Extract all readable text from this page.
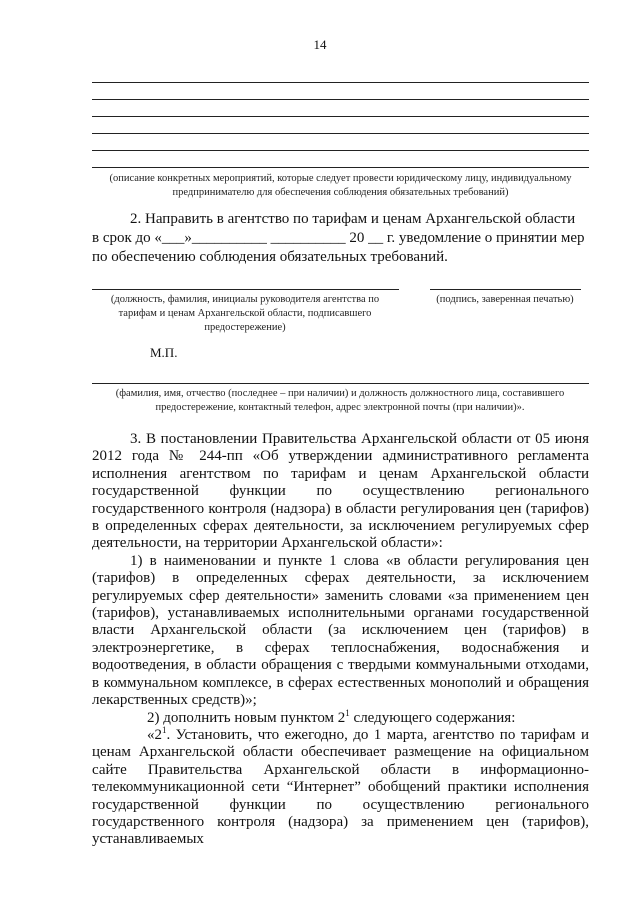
14
(описание конкретных мероприятий, которые следует провести юридическому лицу, индивидуальному предпринимателю для обеспечения соблюдения обязательных требований)
2. Направить в агентство по тарифам и ценам Архангельской области
в срок до «___»__________ __________ 20 __ г. уведомление о принятии мер
по обеспечению соблюдения обязательных требований.
(должность, фамилия, инициалы руководителя агентства по тарифам и ценам Архангельской области, подписавшего предостережение)
(подпись, заверенная печатью)
М.П.
(фамилия, имя, отчество (последнее – при наличии) и должность должностного лица, составившего предостережение, контактный телефон, адрес электронной почты (при наличии)».

3. В постановлении Правительства Архангельской области от 05 июня 2012 года № 244-пп «Об утверждении административного регламента исполнения агентством по тарифам и ценам Архангельской области государственной функции по осуществлению регионального государственного контроля (надзора) в области регулирования цен (тарифов) в определенных сферах деятельности, за исключением регулируемых сфер деятельности, на территории Архангельской области»:

1) в наименовании и пункте 1 слова «в области регулирования цен (тарифов) в определенных сферах деятельности, за исключением регулируемых сфер деятельности» заменить словами «за применением цен (тарифов), устанавливаемых исполнительными органами государственной власти Архангельской области (за исключением цен (тарифов) в электроэнергетике, в сферах теплоснабжения, водоснабжения и водоотведения, в области обращения с твердыми коммунальными отходами, в коммунальном комплексе, в сферах естественных монополий и обращения лекарственных средств)»;

2) дополнить новым пунктом $2^1$ следующего содержания:

«$2^1$. Установить, что ежегодно, до 1 марта, агентство по тарифам и ценам Архангельской области обеспечивает размещение на официальном сайте Правительства Архангельской области в информационно-телекоммуникационной сети “Интернет” обобщений практики исполнения государственной функции по осуществлению регионального государственного контроля (надзора) за применением цен (тарифов), устанавливаемых
